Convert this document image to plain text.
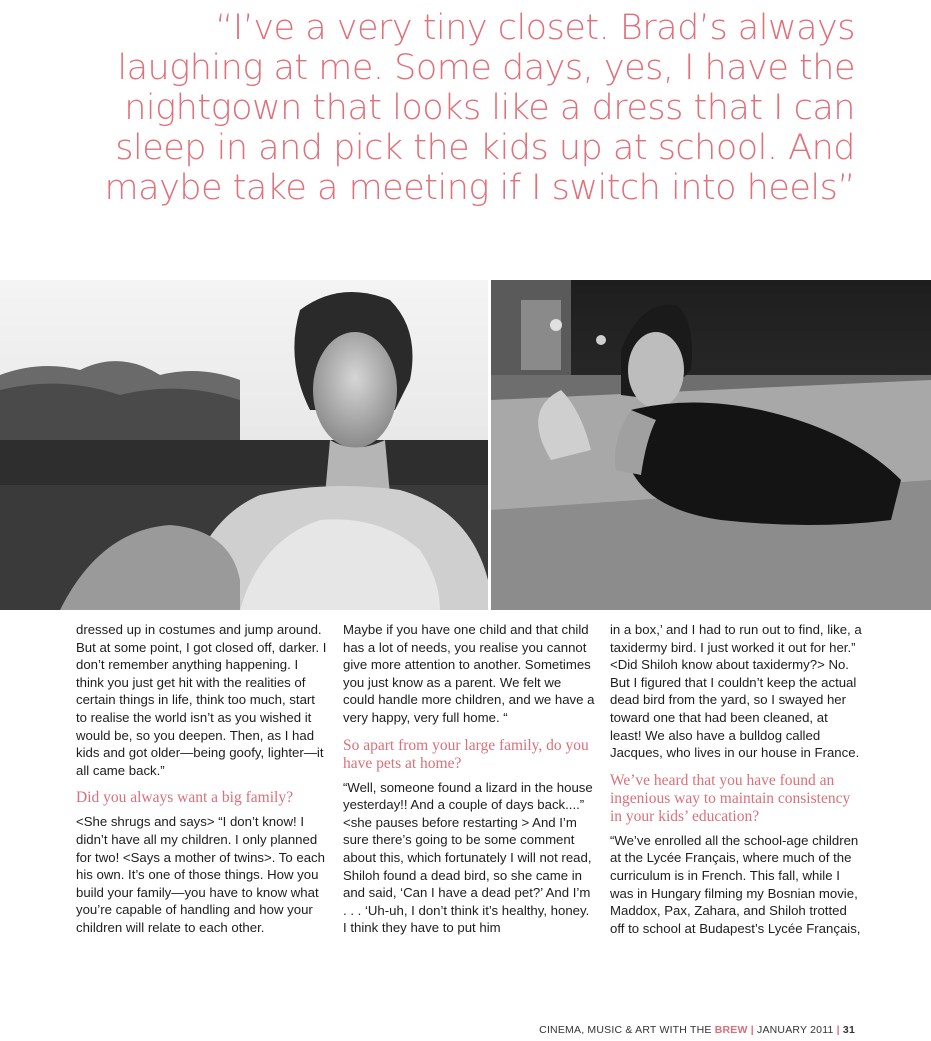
“I’ve a very tiny closet. Brad’s always laughing at me. Some days, yes, I have the nightgown that looks like a dress that I can sleep in and pick the kids up at school. And maybe take a meeting if I switch into heels”

dressed up in costumes and jump around. But at some point, I got closed off, darker. I don’t remember anything happening. I think you just get hit with the realities of certain things in life, think too much, start to realise the world isn’t as you wished it would be, so you deepen. Then, as I had kids and got older—being goofy, lighter—it all came back.”

Did you always want a big family?

<She shrugs and says> “I don’t know! I didn’t have all my children. I only planned for two! <Says a mother of twins>. To each his own. It’s one of those things. How you build your family—you have to know what you’re capable of handling and how your children will relate to each other.

Maybe if you have one child and that child has a lot of needs, you realise you cannot give more attention to another. Sometimes you just know as a parent. We felt we could handle more children, and we have a very happy, very full home. “

So apart from your large family, do you have pets at home?

“Well, someone found a lizard in the house yesterday!! And a couple of days back....” <she pauses before restarting > And I’m sure there’s going to be some comment about this, which fortunately I will not read, Shiloh found a dead bird, so she came in and said, ‘Can I have a dead pet?’ And I’m . . . ‘Uh-uh, I don’t think it’s healthy, honey. I think they have to put him

in a box,’ and I had to run out to find, like, a taxidermy bird. I just worked it out for her.” <Did Shiloh know about taxidermy?> No. But I figured that I couldn’t keep the actual dead bird from the yard, so I swayed her toward one that had been cleaned, at least! We also have a bulldog called Jacques, who lives in our house in France.

We’ve heard that you have found an ingenious way to maintain consistency in your kids’ education?

“We’ve enrolled all the school-age children at the Lycée Français, where much of the curriculum is in French. This fall, while I was in Hungary filming my Bosnian movie, Maddox, Pax, Zahara, and Shiloh trotted off to school at Budapest’s Lycée Français,

CINEMA, MUSIC & ART WITH THE BREW | JANUARY 2011 | 31
